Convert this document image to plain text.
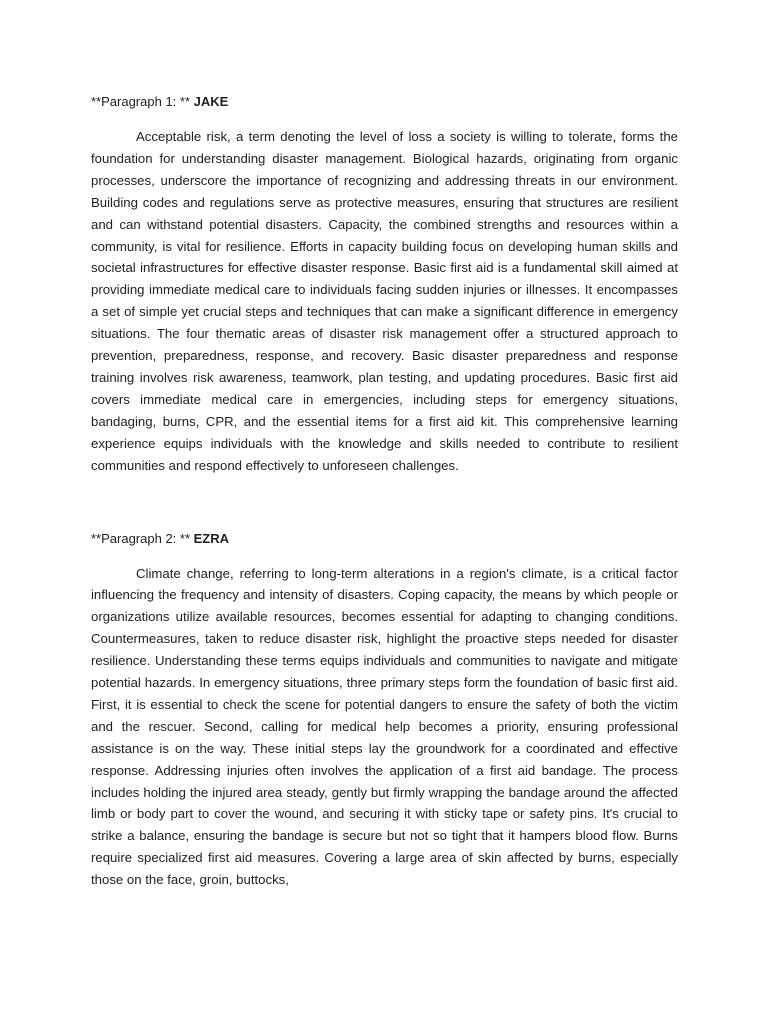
**Paragraph 1: ** JAKE

Acceptable risk, a term denoting the level of loss a society is willing to tolerate, forms the foundation for understanding disaster management. Biological hazards, originating from organic processes, underscore the importance of recognizing and addressing threats in our environment. Building codes and regulations serve as protective measures, ensuring that structures are resilient and can withstand potential disasters. Capacity, the combined strengths and resources within a community, is vital for resilience. Efforts in capacity building focus on developing human skills and societal infrastructures for effective disaster response. Basic first aid is a fundamental skill aimed at providing immediate medical care to individuals facing sudden injuries or illnesses. It encompasses a set of simple yet crucial steps and techniques that can make a significant difference in emergency situations. The four thematic areas of disaster risk management offer a structured approach to prevention, preparedness, response, and recovery. Basic disaster preparedness and response training involves risk awareness, teamwork, plan testing, and updating procedures. Basic first aid covers immediate medical care in emergencies, including steps for emergency situations, bandaging, burns, CPR, and the essential items for a first aid kit. This comprehensive learning experience equips individuals with the knowledge and skills needed to contribute to resilient communities and respond effectively to unforeseen challenges.

**Paragraph 2: ** EZRA

Climate change, referring to long-term alterations in a region's climate, is a critical factor influencing the frequency and intensity of disasters. Coping capacity, the means by which people or organizations utilize available resources, becomes essential for adapting to changing conditions. Countermeasures, taken to reduce disaster risk, highlight the proactive steps needed for disaster resilience. Understanding these terms equips individuals and communities to navigate and mitigate potential hazards. In emergency situations, three primary steps form the foundation of basic first aid. First, it is essential to check the scene for potential dangers to ensure the safety of both the victim and the rescuer. Second, calling for medical help becomes a priority, ensuring professional assistance is on the way. These initial steps lay the groundwork for a coordinated and effective response. Addressing injuries often involves the application of a first aid bandage. The process includes holding the injured area steady, gently but firmly wrapping the bandage around the affected limb or body part to cover the wound, and securing it with sticky tape or safety pins. It's crucial to strike a balance, ensuring the bandage is secure but not so tight that it hampers blood flow. Burns require specialized first aid measures. Covering a large area of skin affected by burns, especially those on the face, groin, buttocks,
